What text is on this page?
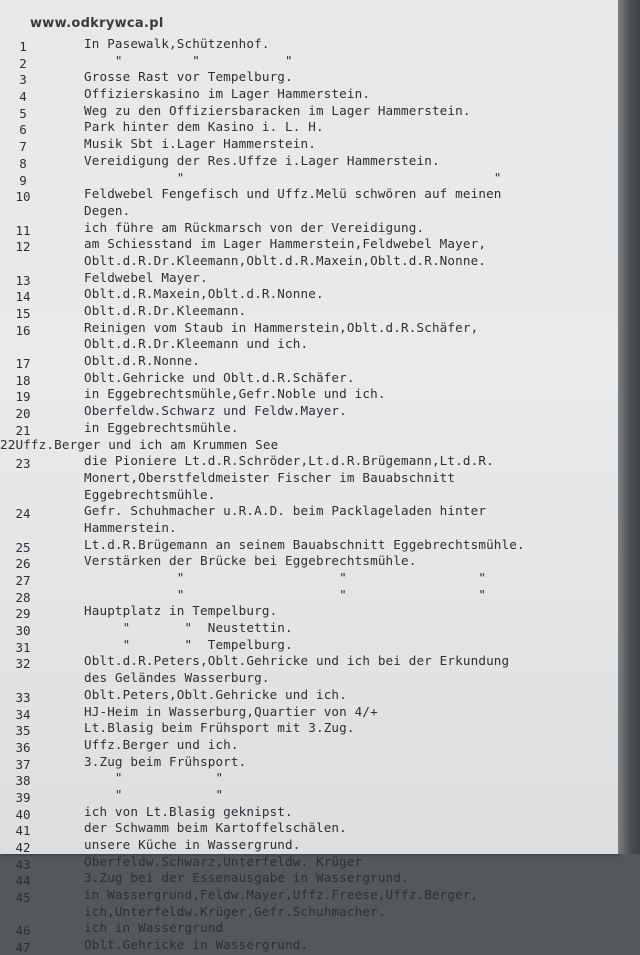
www.odkrywca.pl
1	In Pasewalk,Schützenhof.
2	"         "           "
3	Grosse Rast vor Tempelburg.
4	Offizierskasino im Lager Hammerstein.
5	Weg zu den Offiziersbaracken im Lager Hammerstein.
6	Park hinter dem Kasino i. L. H.
7	Musik Sbt i.Lager Hammerstein.
8	Vereidigung der Res.Uffze i.Lager Hammerstein.
9	"                                        "
10	Feldwebel Fengefisch und Uffz.Melü schwören auf meinen
Degen.
11	ich führe am Rückmarsch von der Vereidigung.
12	am Schiesstand im Lager Hammerstein,Feldwebel Mayer,
Oblt.d.R.Dr.Kleemann,Oblt.d.R.Maxein,Oblt.d.R.Nonne.
13	Feldwebel Mayer.
14	Oblt.d.R.Maxein,Oblt.d.R.Nonne.
15	Oblt.d.R.Dr.Kleemann.
16	Reinigen vom Staub in Hammerstein,Oblt.d.R.Schäfer,
Oblt.d.R.Dr.Kleemann und ich.
17	Oblt.d.R.Nonne.
18	Oblt.Gehricke und Oblt.d.R.Schäfer.
19	in Eggebrechtsmühle,Gefr.Noble und ich.
20	Oberfeldw.Schwarz und Feldw.Mayer.
21	in Eggebrechtsmühle.
22Uffz.Berger und ich am Krummen See
23	die Pioniere Lt.d.R.Schröder,Lt.d.R.Brügemann,Lt.d.R.
Monert,Oberstfeldmeister Fischer im Bauabschnitt
Eggebrechtsmühle.
24	Gefr. Schuhmacher u.R.A.D. beim Packlageladen hinter
Hammerstein.
25	Lt.d.R.Brügemann an seinem Bauabschnitt Eggebrechtsmühle.
26	Verstärken der Brücke bei Eggebrechtsmühle.
27	"                    "                 "
28	"                    "                 "
29	Hauptplatz in Tempelburg.
30	"       "  Neustettin.
31	"       "  Tempelburg.
32	Oblt.d.R.Peters,Oblt.Gehricke und ich bei der Erkundung
des Geländes Wasserburg.
33	Oblt.Peters,Oblt.Gehricke und ich.
34	HJ-Heim in Wasserburg,Quartier von 4/+
35	Lt.Blasig beim Frühsport mit 3.Zug.
36	Uffz.Berger und ich.
37	3.Zug beim Frühsport.
38	"            "
39	"            "
40	ich von Lt.Blasig geknipst.
41	der Schwamm beim Kartoffelschälen.
42	unsere Küche in Wassergrund.
43	Oberfeldw.Schwarz,Unterfeldw. Krüger
44	3.Zug bei der Essenausgabe in Wassergrund.
45	in Wassergrund,Feldw.Mayer,Uffz.Freese,Uffz.Berger,
ich,Unterfeldw.Krüger,Gefr.Schuhmacher.
46	ich in Wassergrund
47	Oblt.Gehricke in Wassergrund.
